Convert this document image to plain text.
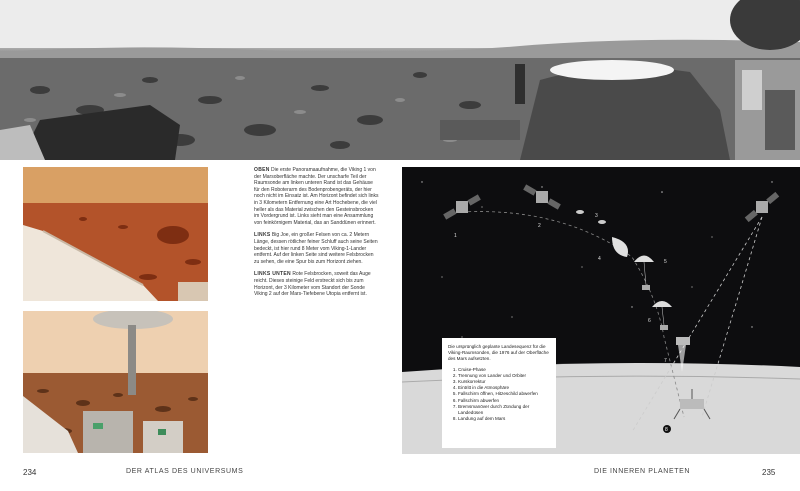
OBEN Die erste Panoramaaufnahme, die Viking 1 von der Marsoberfläche machte. Der unscharfe Teil der Raumsonde am linken unteren Rand ist das Gehäuse für den Roboterarm des Bodenprobengeräts, der hier noch nicht im Einsatz ist. Am Horizont befindet sich links in 3 Kilometern Entfernung eine Art Hochebene, die viel heller als das Material zwischen den Gesteinsbrocken im Vordergrund ist. Links sieht man eine Ansammlung von feinkörnigem Material, das an Sanddünen erinnert.

LINKS Big Joe, ein großer Felsen von ca. 2 Metern Länge, dessen rötlicher feiner Schluff auch seine Seiten bedeckt, ist hier rund 8 Meter vom Viking-1-Lander entfernt. Auf der linken Seite sind weitere Felsbrocken zu sehen, die eine Spur bis zum Horizont ziehen.

LINKS UNTEN Rote Felsbrocken, soweit das Auge reicht. Dieses steinige Feld erstreckt sich bis zum Horizont, der 3 Kilometer vom Standort der Sonde Viking 2 auf der Mars-Tiefebene Utopia entfernt ist.

1
2
3
4	5
6
7
8
Die ursprünglich geplante Landesequenz für die Viking-Raumsonden, die 1976 auf der Oberfläche des Mars aufsetzten.
1. Cruise-Phase
2. Trennung von Lander und Orbiter
3. Kurskorrektur
4. Eintritt in die Atmosphäre
5. Fallschirm öffnen, Hitzeschild abwerfen
6. Fallschirm abwerfen
7. Bremsmanöver durch Zündung der Landedüsen
8. Landung auf dem Mars
234	DER ATLAS DES UNIVERSUMS	DIE INNEREN PLANETEN	235
